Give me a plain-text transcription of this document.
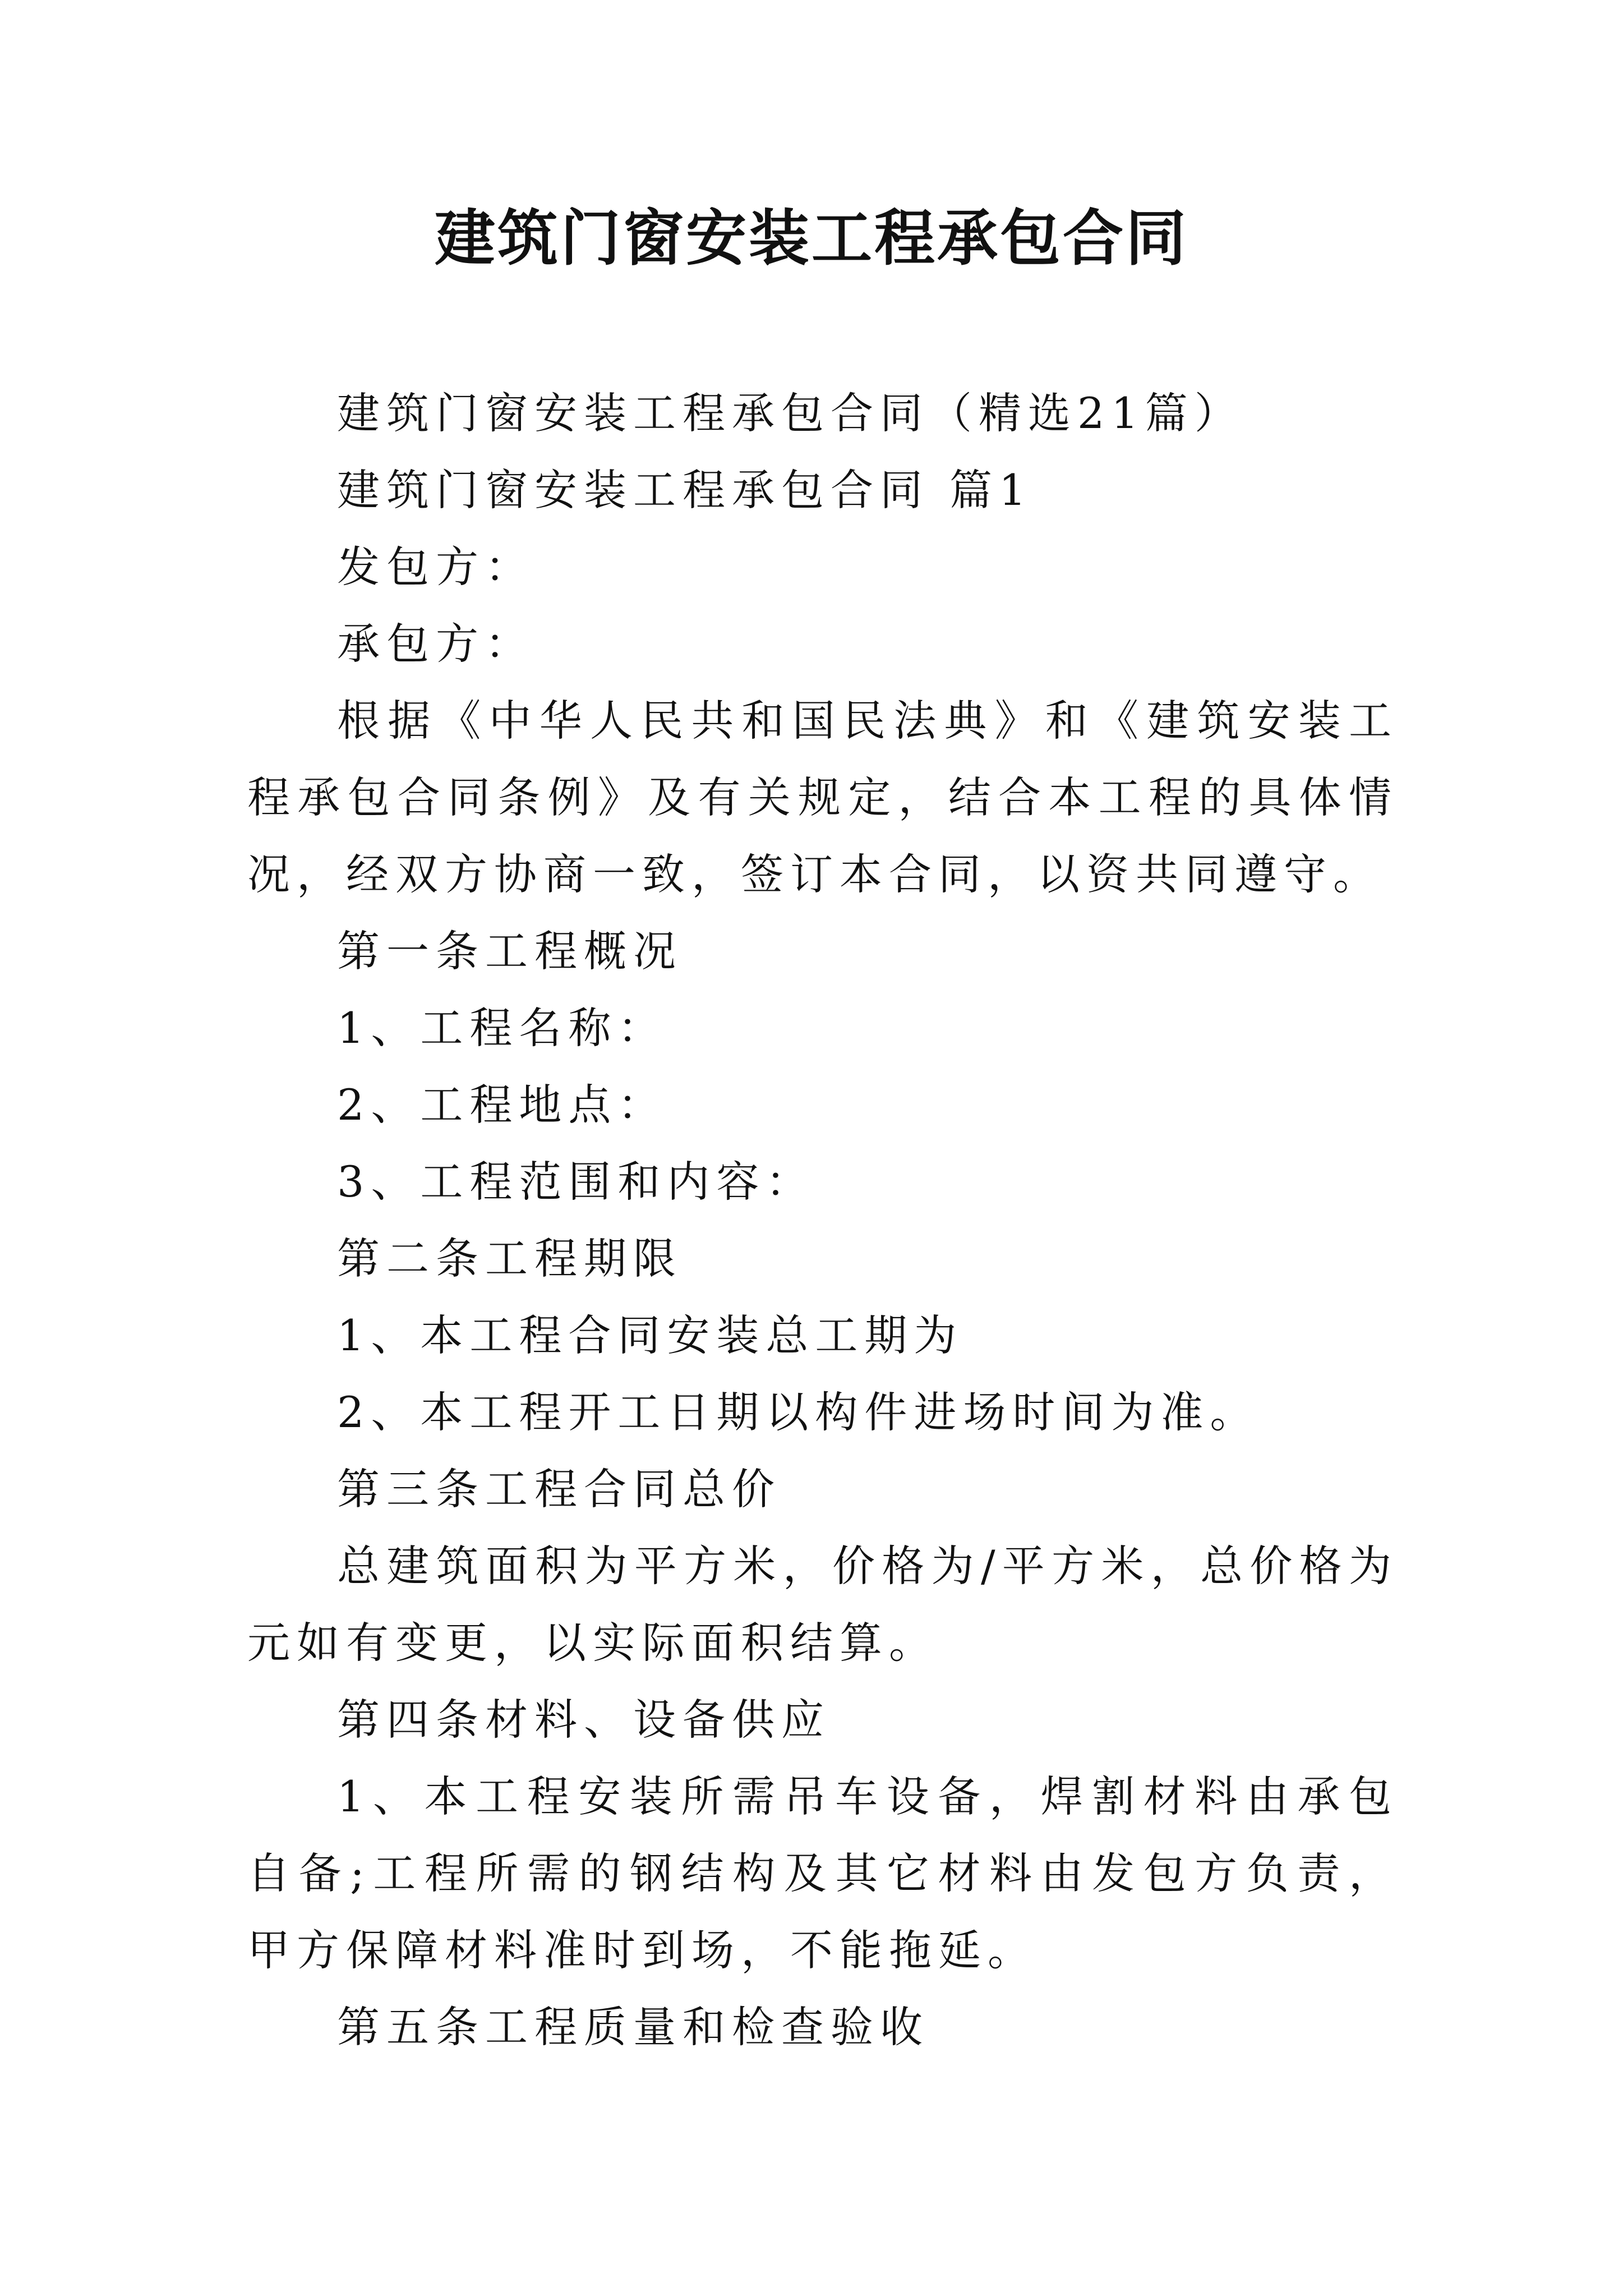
建筑门窗安装工程承包合同

建筑门窗安装工程承包合同（精选21篇）

建筑门窗安装工程承包合同 篇1

发包方：

承包方：

根据《中华人民共和国民法典》和《建筑安装工程承包合同条例》及有关规定，结合本工程的具体情况，经双方协商一致，签订本合同，以资共同遵守。

第一条工程概况

1、工程名称：

2、工程地点：

3、工程范围和内容：

第二条工程期限

1、本工程合同安装总工期为

2、本工程开工日期以构件进场时间为准。

第三条工程合同总价

总建筑面积为平方米，价格为/平方米，总价格为元如有变更，以实际面积结算。

第四条材料、设备供应

1、本工程安装所需吊车设备，焊割材料由承包自备;工程所需的钢结构及其它材料由发包方负责，甲方保障材料准时到场，不能拖延。

第五条工程质量和检查验收
